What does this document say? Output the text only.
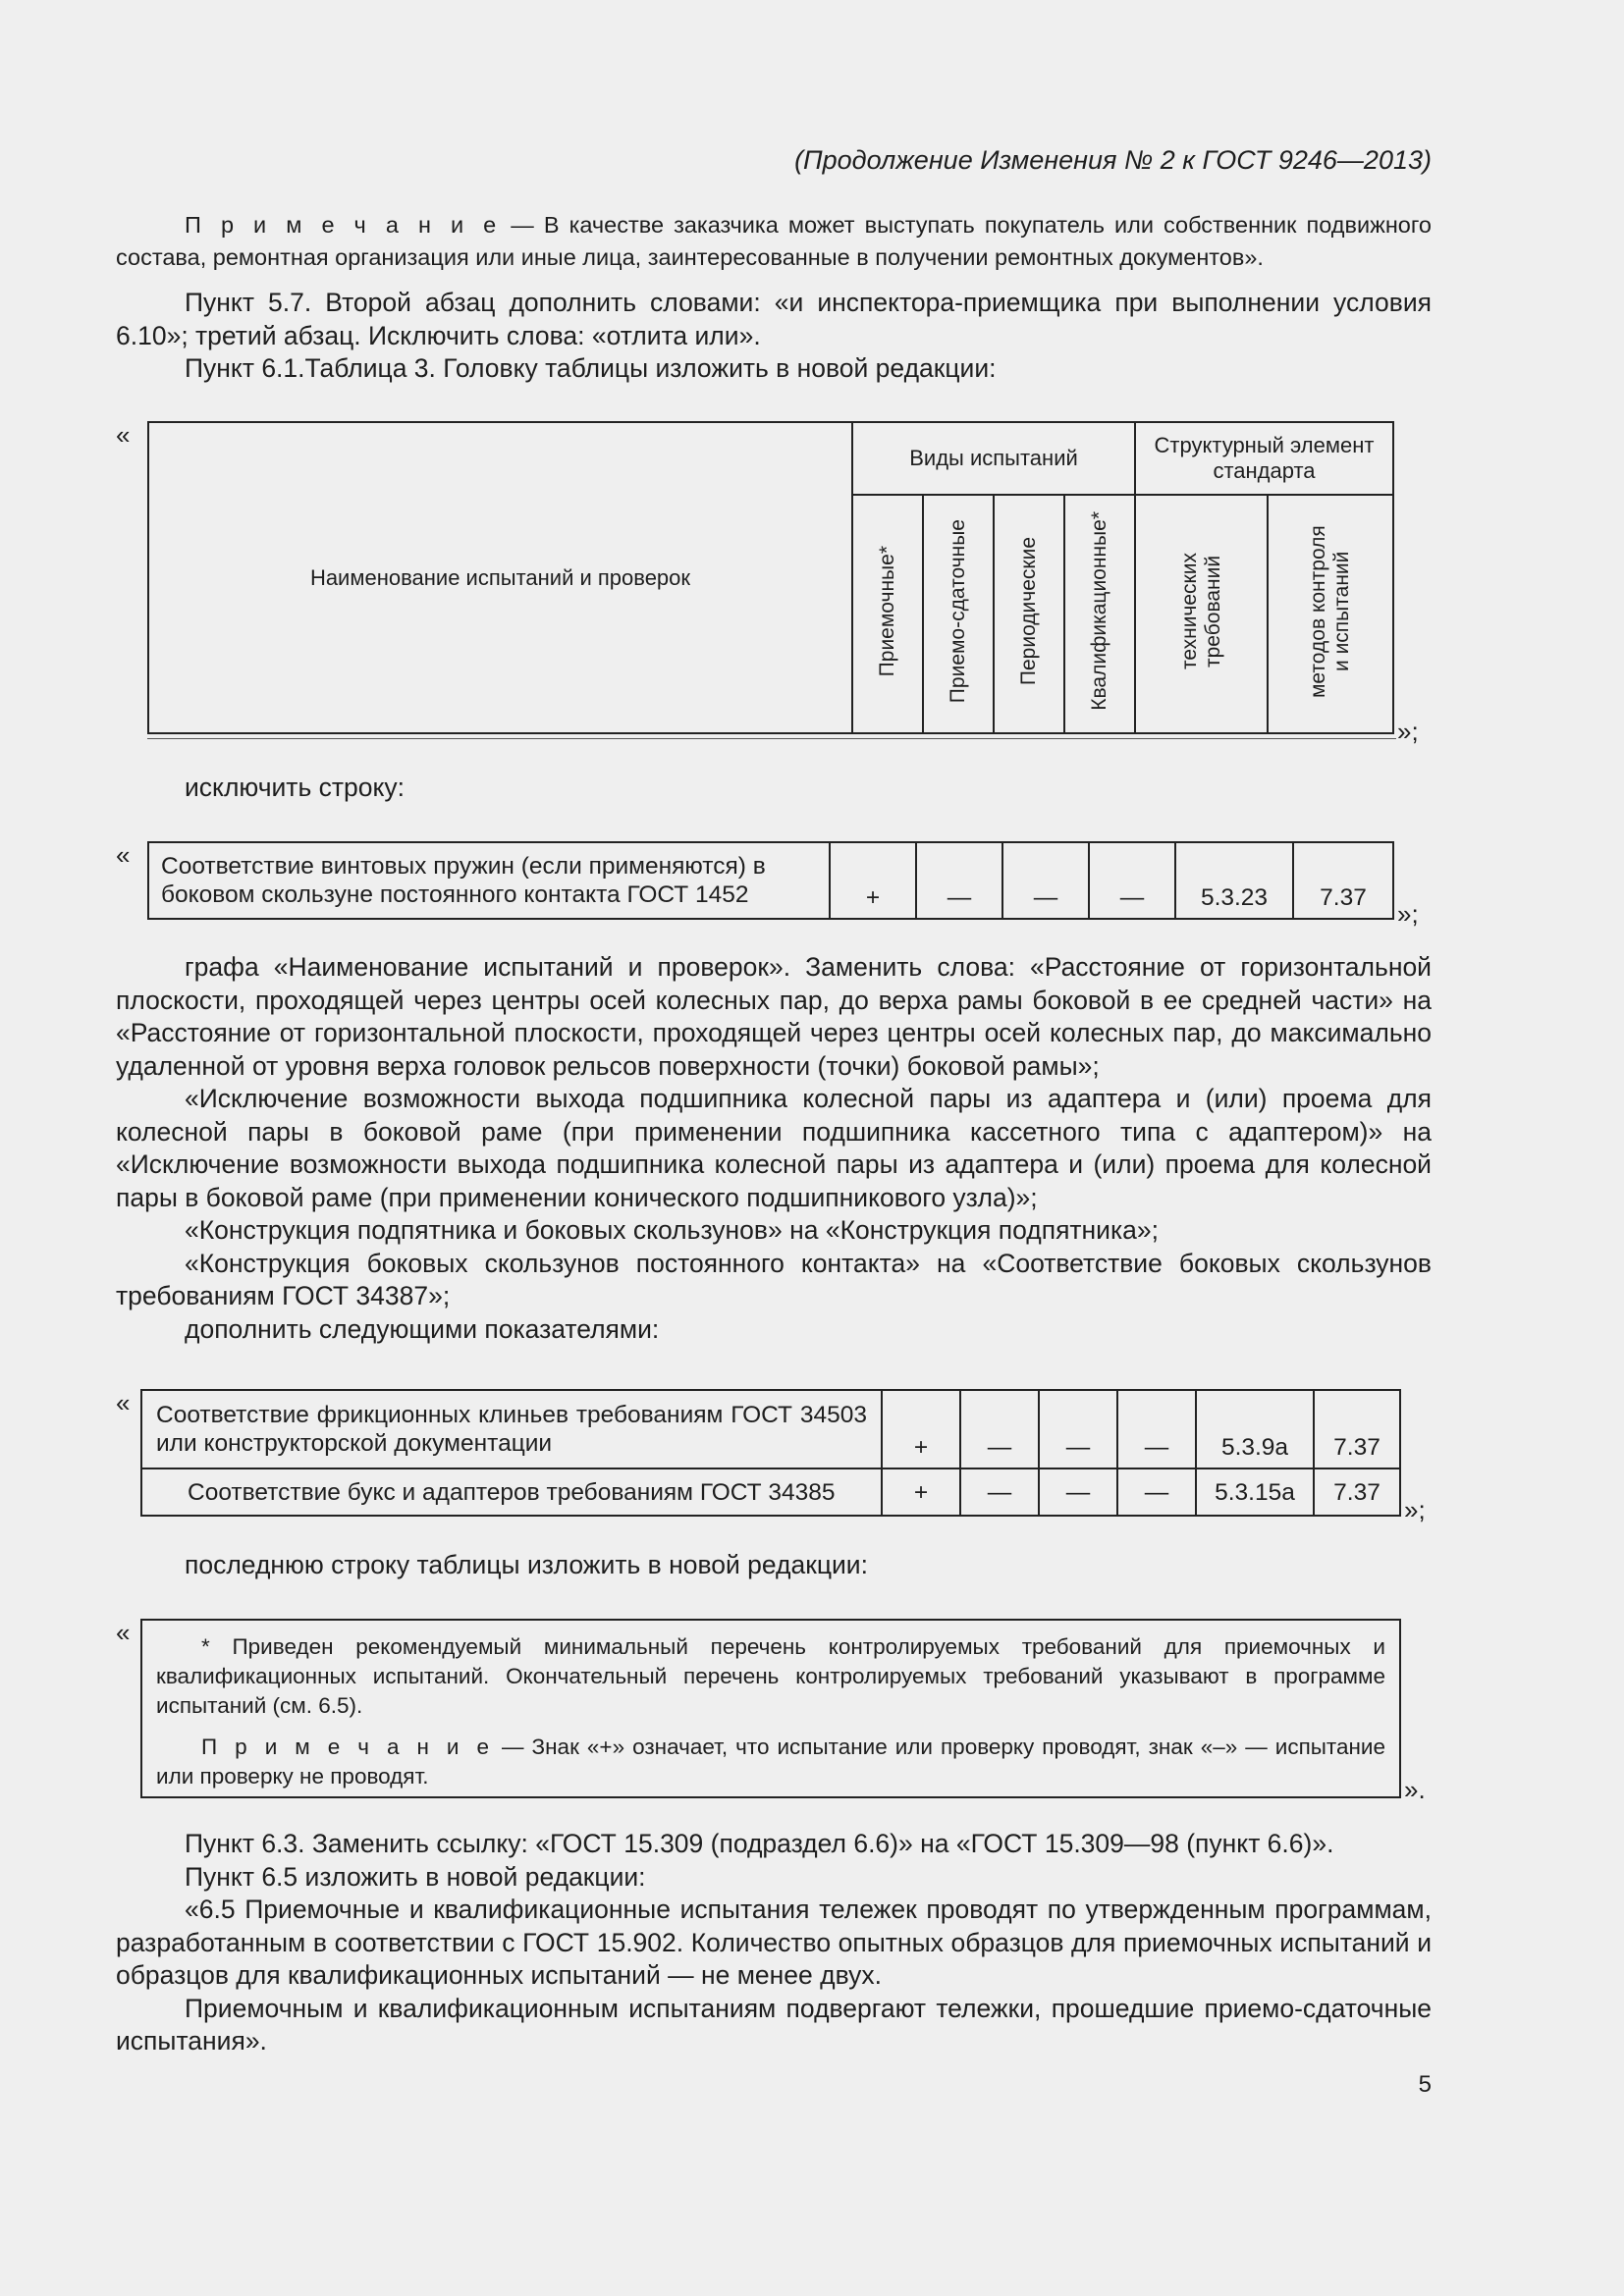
(Продолжение Изменения № 2 к ГОСТ 9246—2013)

П р и м е ч а н и е — В качестве заказчика может выступать покупатель или собственник подвижного состава, ремонтная организация или иные лица, заинтересованные в получении ремонтных документов».

Пункт 5.7. Второй абзац дополнить словами: «и инспектора-приемщика при выполнении условия 6.10»; третий абзац. Исключить слова: «отлита или».

Пункт 6.1.Таблица 3. Головку таблицы изложить в новой редакции:

«
Наименование испытаний и проверок	Виды испытаний				Структурный элемент стандарта	
	Приемочные*	Приемо-сдаточные	Периодические	Квалификационные*	технических требований	методов контроля и испытаний
»;

исключить строку:

« Соответствие винтовых пружин (если применяются) в боковом скользуне постоянного контакта ГОСТ 1452	+	—	—	—	5.3.23	7.37
»;

графа «Наименование испытаний и проверок». Заменить слова: «Расстояние от горизонтальной плоскости, проходящей через центры осей колесных пар, до верха рамы боковой в ее средней части» на «Расстояние от горизонтальной плоскости, проходящей через центры осей колесных пар, до максимально удаленной от уровня верха головок рельсов поверхности (точки) боковой рамы»;

«Исключение возможности выхода подшипника колесной пары из адаптера и (или) проема для колесной пары в боковой раме (при применении подшипника кассетного типа с адаптером)» на «Исключение возможности выхода подшипника колесной пары из адаптера и (или) проема для колесной пары в боковой раме (при применении конического подшипникового узла)»;

«Конструкция подпятника и боковых скользунов» на «Конструкция подпятника»;

«Конструкция боковых скользунов постоянного контакта» на «Соответствие боковых скользунов требованиям ГОСТ 34387»;

дополнить следующими показателями:

« Соответствие фрикционных клиньев требованиям ГОСТ 34503 или конструкторской документации	+	—	—	—	5.3.9а	7.37
Соответствие букс и адаптеров требованиям ГОСТ 34385	+	—	—	—	5.3.15а	7.37
»;

последнюю строку таблицы изложить в новой редакции:

«	* Приведен рекомендуемый минимальный перечень контролируемых требований для приемочных и квалификационных испытаний. Окончательный перечень контролируемых требований указывают в программе испытаний (см. 6.5).

П р и м е ч а н и е — Знак «+» означает, что испытание или проверку проводят, знак «–» — испытание или проверку не проводят.	».

Пункт 6.3. Заменить ссылку: «ГОСТ 15.309 (подраздел 6.6)» на «ГОСТ 15.309—98 (пункт 6.6)».

Пункт 6.5 изложить в новой редакции:

«6.5 Приемочные и квалификационные испытания тележек проводят по утвержденным программам, разработанным в соответствии с ГОСТ 15.902. Количество опытных образцов для приемочных испытаний и образцов для квалификационных испытаний — не менее двух.

Приемочным и квалификационным испытаниям подвергают тележки, прошедшие приемо-сдаточные испытания».

5
